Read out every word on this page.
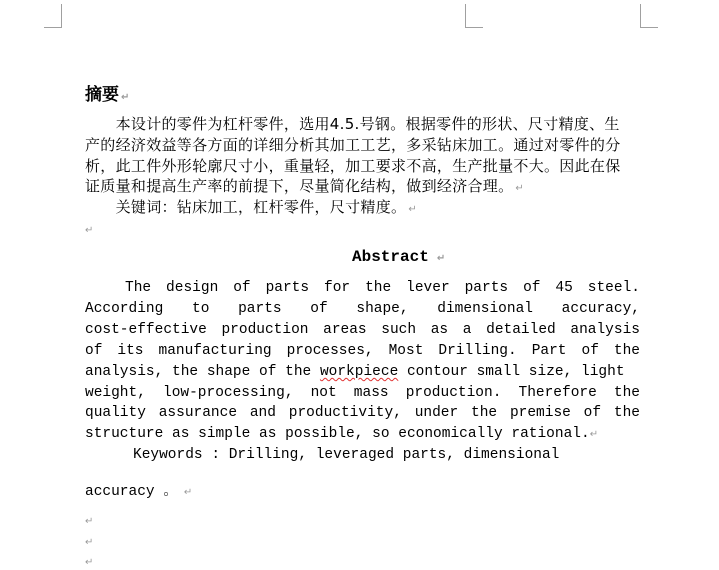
摘要 ↵
　　本设计的零件为杠杆零件，选用4.5.号钢。根据零件的形状、尺寸精度、生
产的经济效益等各方面的详细分析其加工工艺，多采钻床加工。通过对零件的分
析，此工件外形轮廓尺寸小，重量轻，加工要求不高，生产批量不大。因此在保
证质量和提高生产率的前提下，尽量简化结构，做到经济合理。 ↵
　　关键词：钻床加工，杠杆零件，尺寸精度。 ↵
↵
Abstract ↵
The design of parts for the lever parts of 45 steel.
According to parts of shape, dimensional accuracy,
cost-effective production areas such as a detailed analysis
of its manufacturing processes, Most Drilling. Part of the
analysis, the shape of the workpiece contour small size, light
weight, low-processing, not mass production. Therefore the
quality assurance and productivity, under the premise of the
structure as simple as possible, so economically rational.↵
Keywords : Drilling, leveraged parts, dimensional
accuracy 。 ↵
↵
↵
↵
